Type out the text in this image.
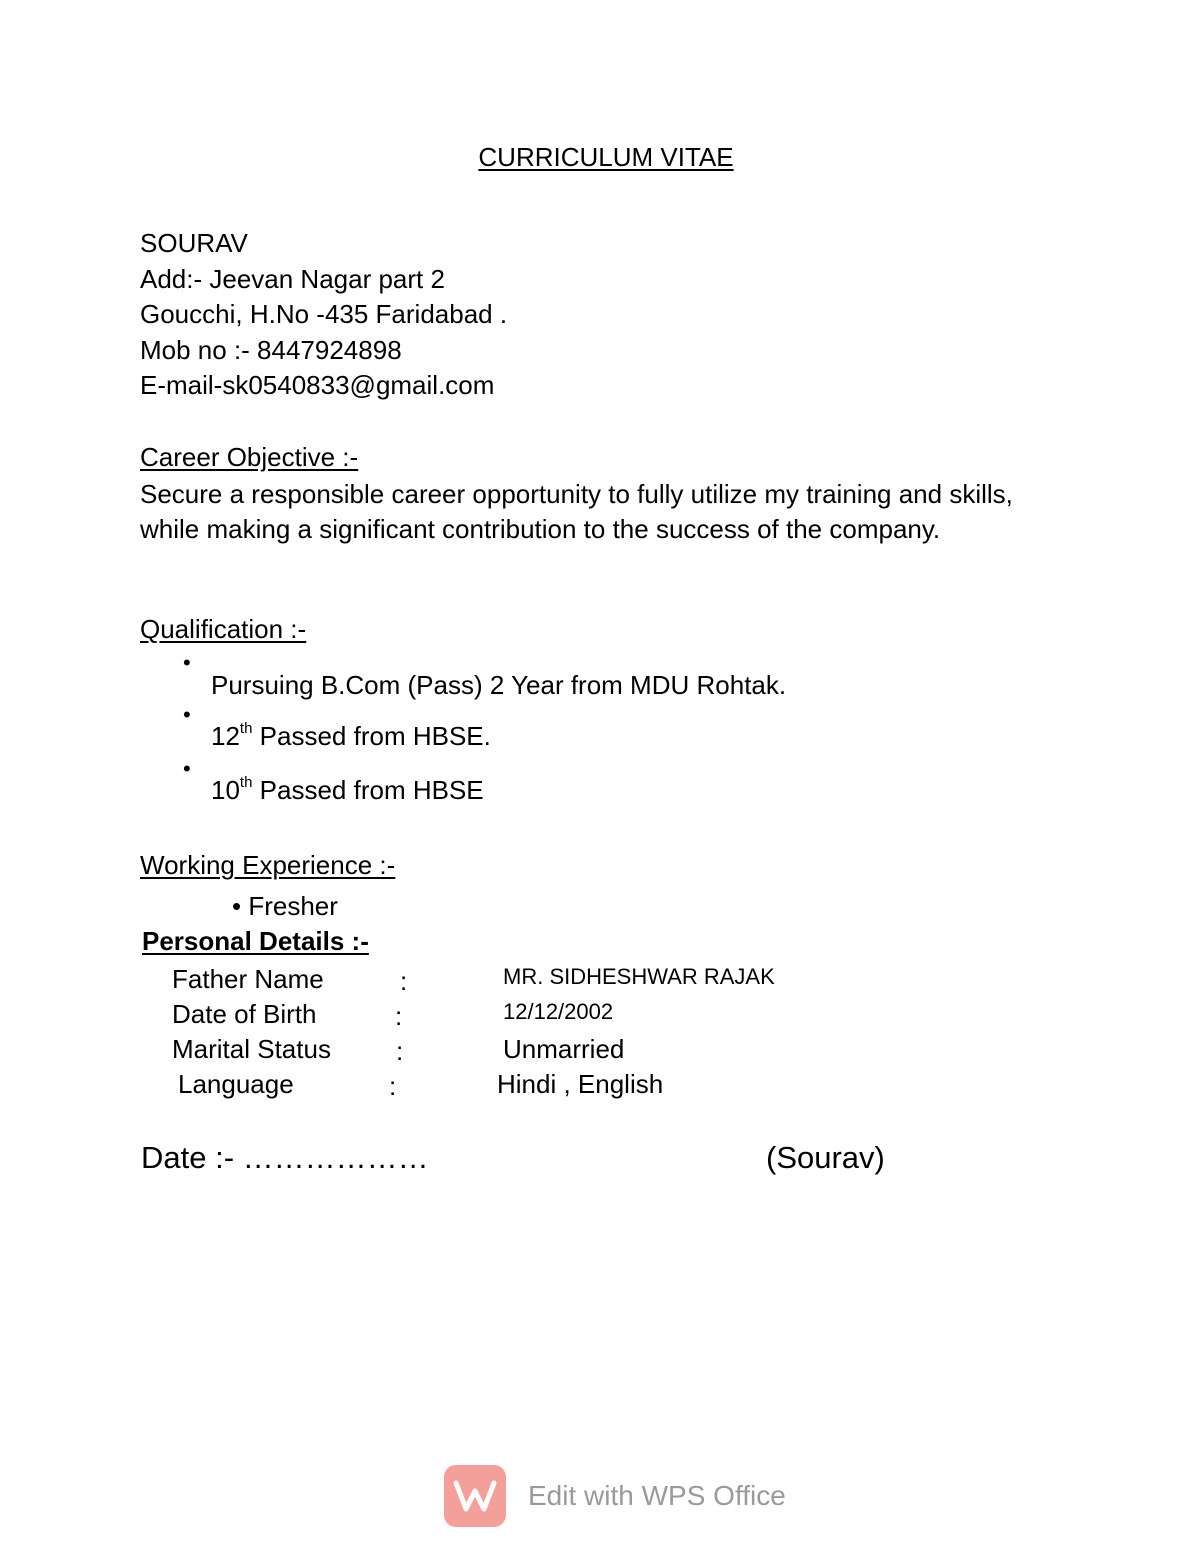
CURRICULUM VITAE
SOURAV
Add:- Jeevan Nagar part 2
Goucchi, H.No -435 Faridabad .
Mob no :- 8447924898
E-mail-sk0540833@gmail.com
Career Objective :-
Secure a responsible career opportunity to fully utilize my training and skills, while making a significant contribution to the success of the company.
Qualification :-
•
Pursuing B.Com (Pass) 2 Year from MDU Rohtak.
•
12th Passed from HBSE.
•
10th Passed from HBSE
Working Experience :-
• Fresher
Personal Details :-
Father Name	:	MR. SIDHESHWAR RAJAK
Date of Birth	:	12/12/2002
Marital Status	:	Unmarried
Language	:	Hindi , English
Date :- ………………	(Sourav)
Edit with WPS Office
